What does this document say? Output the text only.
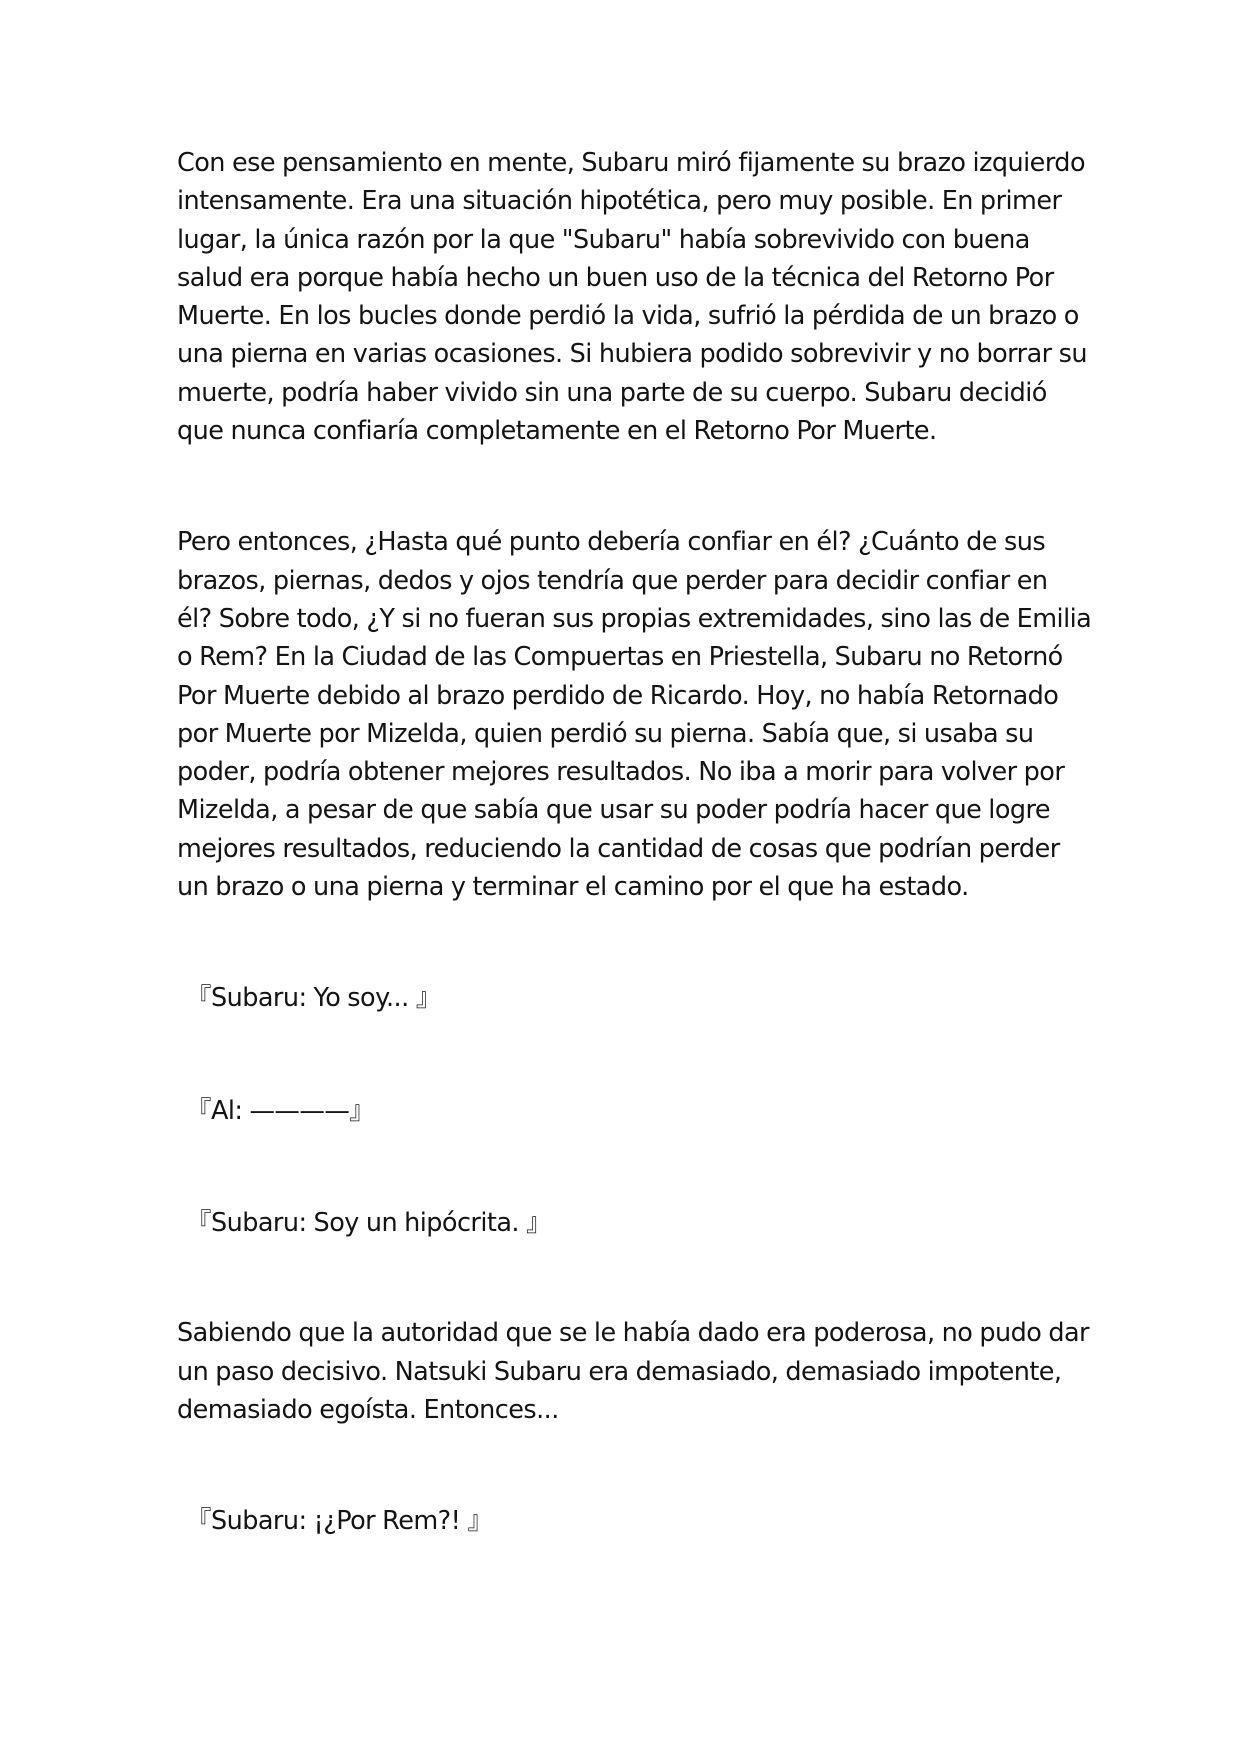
Con ese pensamiento en mente, Subaru miró fijamente su brazo izquierdo
intensamente. Era una situación hipotética, pero muy posible. En primer
lugar, la única razón por la que "Subaru" había sobrevivido con buena
salud era porque había hecho un buen uso de la técnica del Retorno Por
Muerte. En los bucles donde perdió la vida, sufrió la pérdida de un brazo o
una pierna en varias ocasiones. Si hubiera podido sobrevivir y no borrar su
muerte, podría haber vivido sin una parte de su cuerpo. Subaru decidió
que nunca confiaría completamente en el Retorno Por Muerte.

Pero entonces, ¿Hasta qué punto debería confiar en él? ¿Cuánto de sus
brazos, piernas, dedos y ojos tendría que perder para decidir confiar en
él? Sobre todo, ¿Y si no fueran sus propias extremidades, sino las de Emilia
o Rem? En la Ciudad de las Compuertas en Priestella, Subaru no Retornó
Por Muerte debido al brazo perdido de Ricardo. Hoy, no había Retornado
por Muerte por Mizelda, quien perdió su pierna. Sabía que, si usaba su
poder, podría obtener mejores resultados. No iba a morir para volver por
Mizelda, a pesar de que sabía que usar su poder podría hacer que logre
mejores resultados, reduciendo la cantidad de cosas que podrían perder
un brazo o una pierna y terminar el camino por el que ha estado.

『Subaru: Yo soy... 』

『Al: ————』

『Subaru: Soy un hipócrita. 』

Sabiendo que la autoridad que se le había dado era poderosa, no pudo dar
un paso decisivo. Natsuki Subaru era demasiado, demasiado impotente,
demasiado egoísta. Entonces...

『Subaru: ¡¿Por Rem?! 』
